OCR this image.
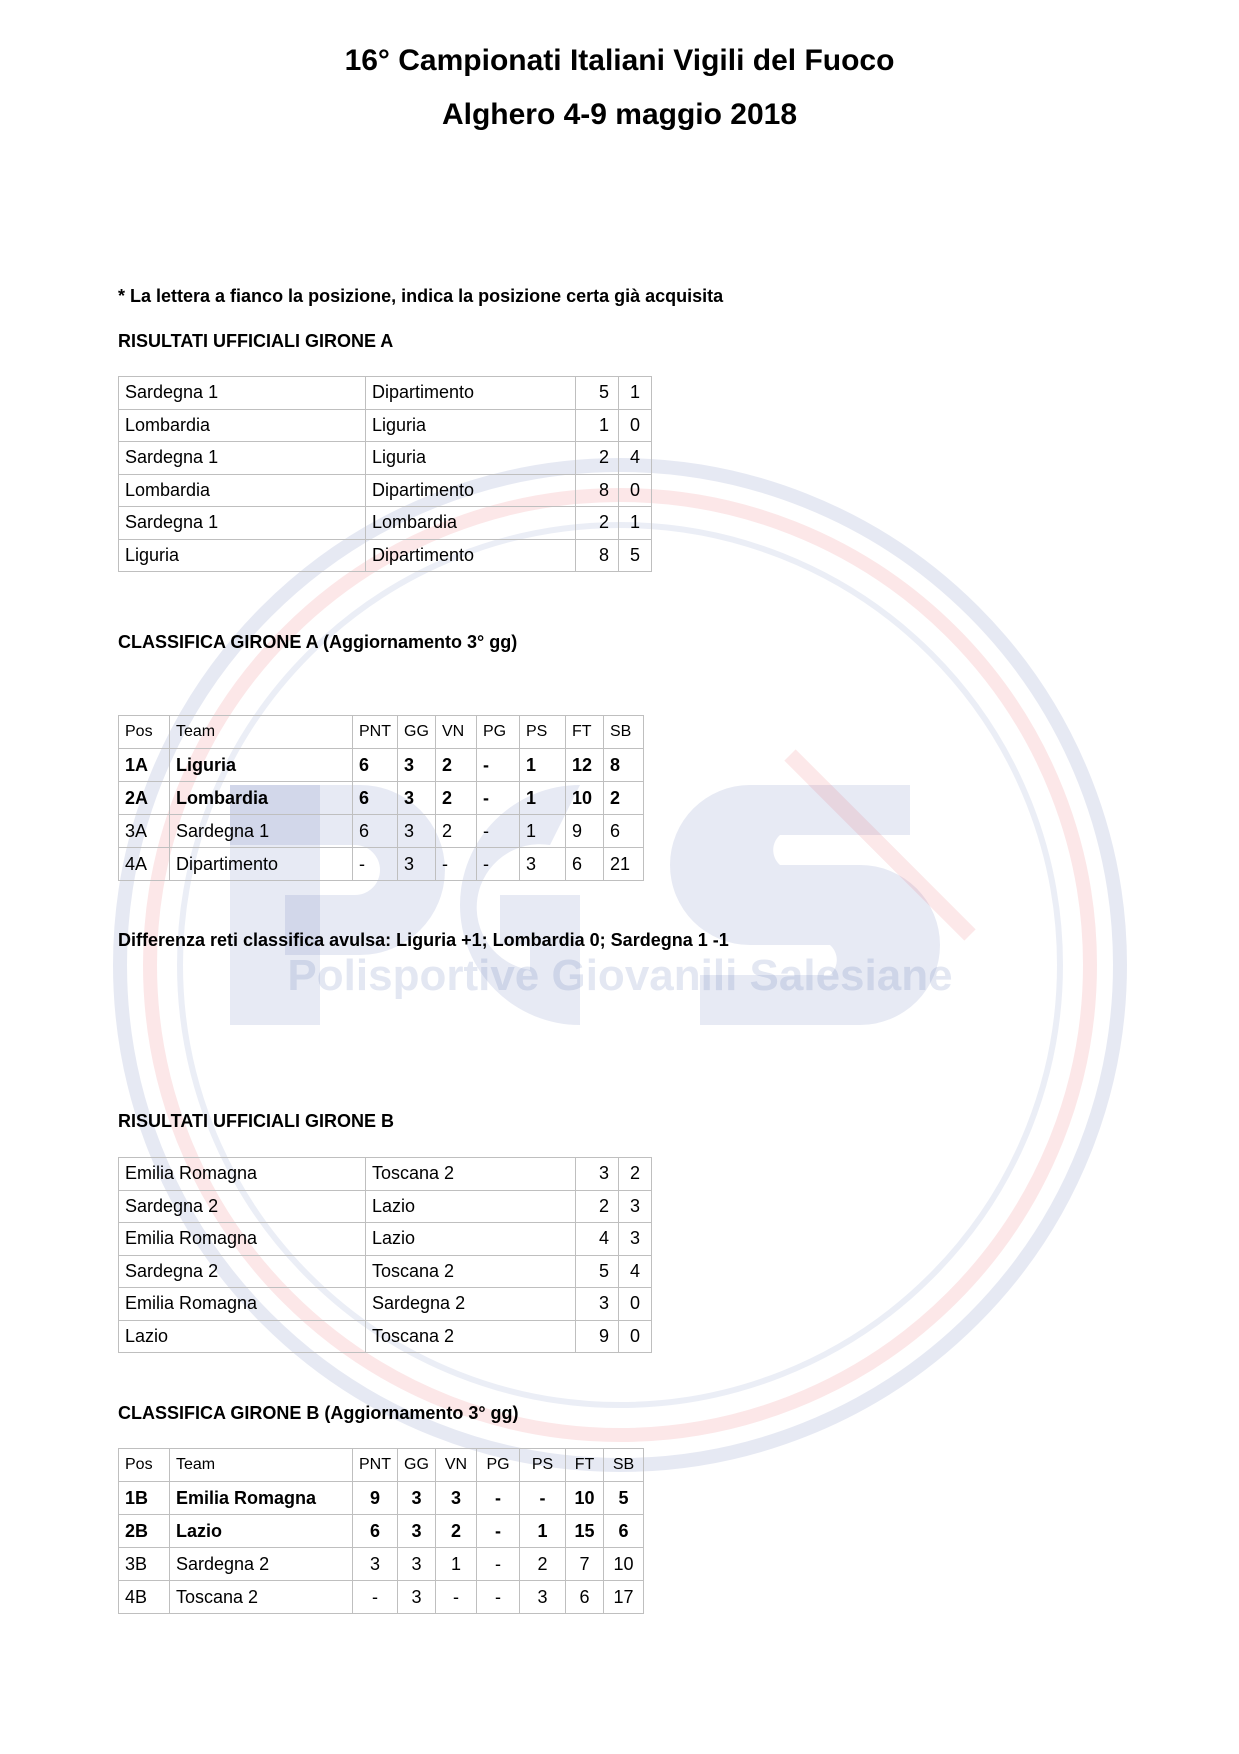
Polisportive Giovanili Salesiane
16° Campionati Italiani Vigili del Fuoco
Alghero 4-9 maggio 2018

* La lettera a fianco la posizione, indica la posizione certa già acquisita

RISULTATI UFFICIALI GIRONE A

Sardegna 1	Dipartimento	5	1
Lombardia	Liguria	1	0
Sardegna 1	Liguria	2	4
Lombardia	Dipartimento	8	0
Sardegna 1	Lombardia	2	1
Liguria	Dipartimento	8	5

CLASSIFICA GIRONE A (Aggiornamento 3° gg)

Pos	Team	PNT	GG	VN	PG	PS	FT	SB
1A	Liguria	6	3	2	-	1	12	8
2A	Lombardia	6	3	2	-	1	10	2
3A	Sardegna 1	6	3	2	-	1	9	6
4A	Dipartimento	-	3	-	-	3	6	21

Differenza reti classifica avulsa: Liguria +1; Lombardia 0; Sardegna 1 -1

RISULTATI UFFICIALI GIRONE B

Emilia Romagna	Toscana 2	3	2
Sardegna 2	Lazio	2	3
Emilia Romagna	Lazio	4	3
Sardegna 2	Toscana 2	5	4
Emilia Romagna	Sardegna 2	3	0
Lazio	Toscana 2	9	0

CLASSIFICA GIRONE B (Aggiornamento 3° gg)

Pos	Team	PNT	GG	VN	PG	PS	FT	SB
1B	Emilia Romagna	9	3	3	-	-	10	5
2B	Lazio	6	3	2	-	1	15	6
3B	Sardegna 2	3	3	1	-	2	7	10
4B	Toscana 2	-	3	-	-	3	6	17
